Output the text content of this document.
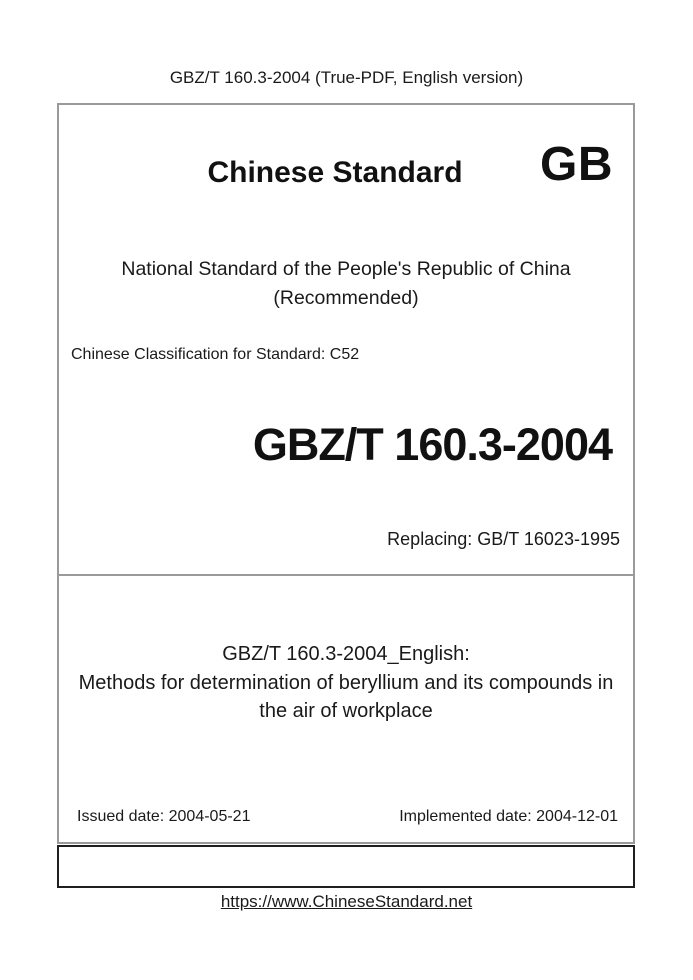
GBZ/T 160.3-2004 (True-PDF, English version)
Chinese Standard	GB
National Standard of the People's Republic of China
(Recommended)
Chinese Classification for Standard: C52
GBZ/T 160.3-2004
Replacing: GB/T 16023-1995
GBZ/T 160.3-2004_English:
Methods for determination of beryllium and its compounds in
the air of workplace
Issued date: 2004-05-21	Implemented date: 2004-12-01
https://www.ChineseStandard.net
